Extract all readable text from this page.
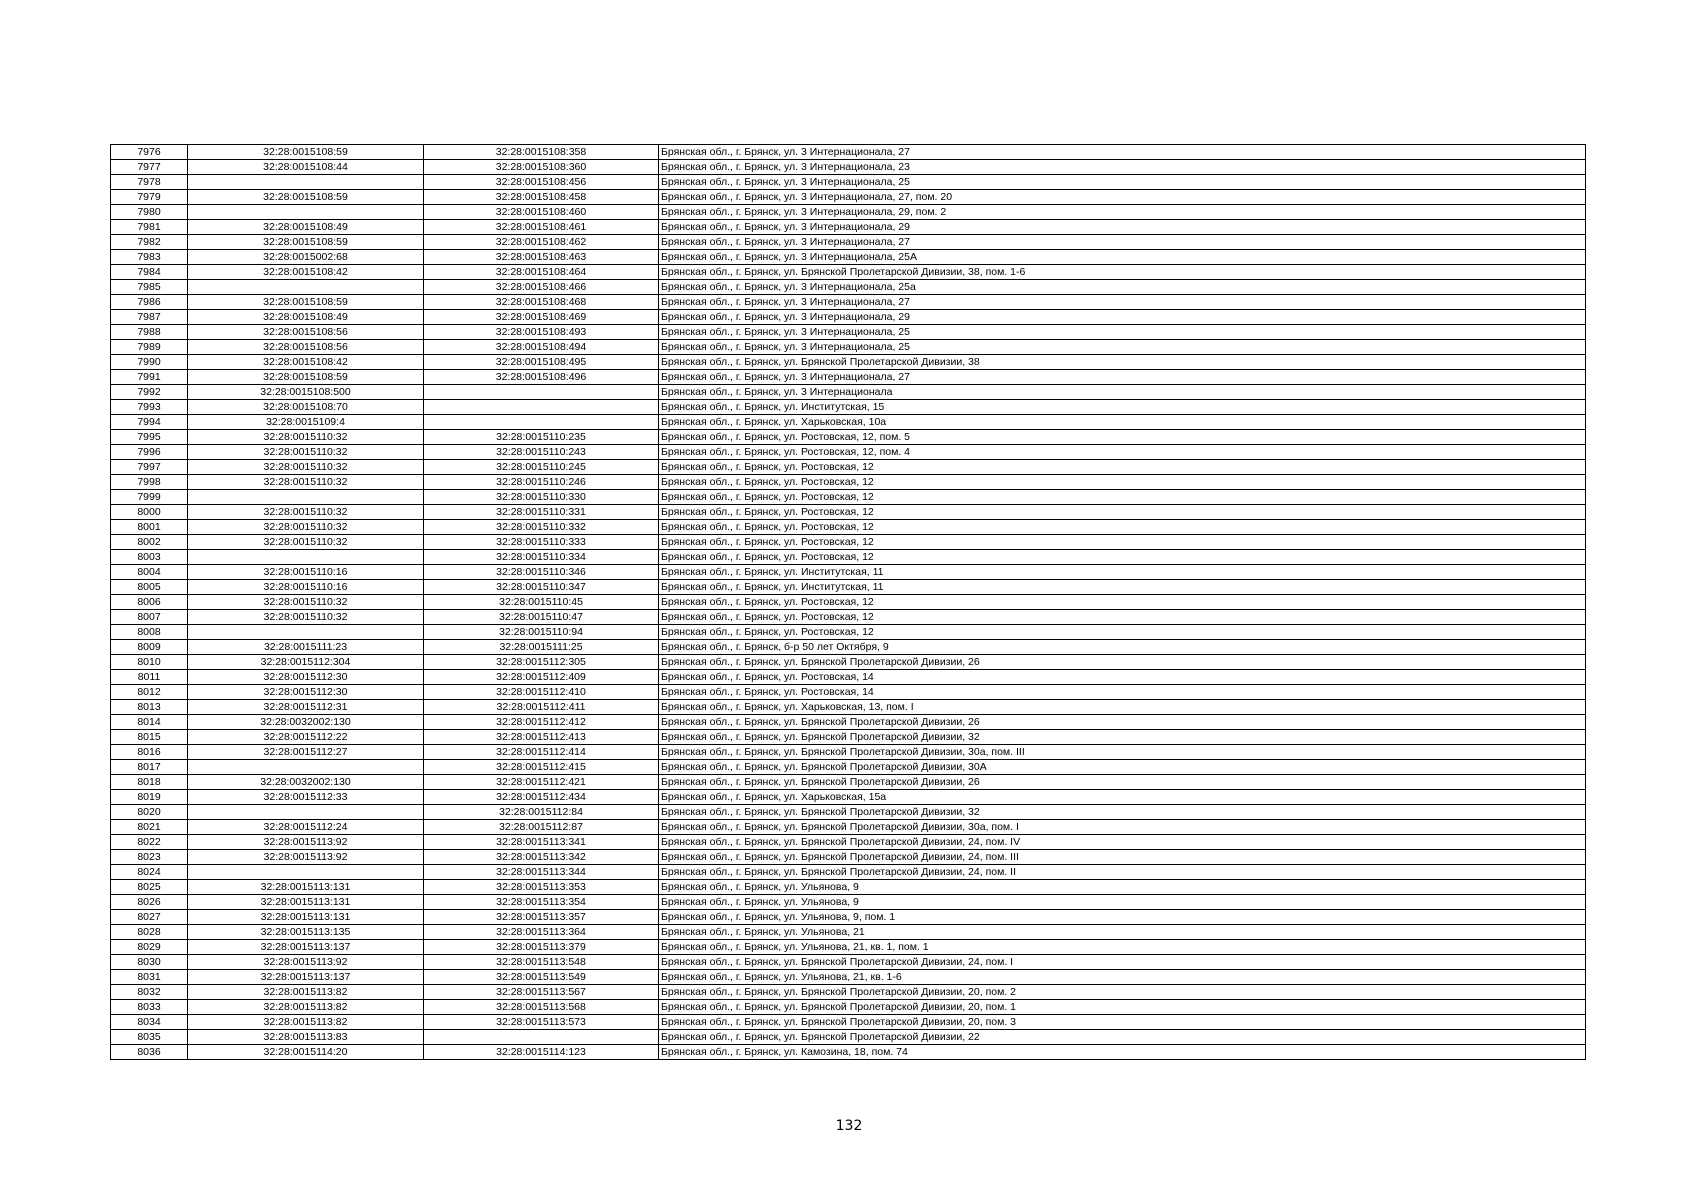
7976	32:28:0015108:59	32:28:0015108:358	Брянская обл., г. Брянск, ул. 3 Интернационала, 27
7977	32:28:0015108:44	32:28:0015108:360	Брянская обл., г. Брянск, ул. 3 Интернационала, 23
7978		32:28:0015108:456	Брянская обл., г. Брянск, ул. 3 Интернационала, 25
7979	32:28:0015108:59	32:28:0015108:458	Брянская обл., г. Брянск, ул. 3 Интернационала, 27, пом. 20
7980		32:28:0015108:460	Брянская обл., г. Брянск, ул. 3 Интернационала, 29, пом. 2
7981	32:28:0015108:49	32:28:0015108:461	Брянская обл., г. Брянск, ул. 3 Интернационала, 29
7982	32:28:0015108:59	32:28:0015108:462	Брянская обл., г. Брянск, ул. 3 Интернационала, 27
7983	32:28:0015002:68	32:28:0015108:463	Брянская обл., г. Брянск, ул. 3 Интернационала, 25А
7984	32:28:0015108:42	32:28:0015108:464	Брянская обл., г. Брянск, ул. Брянской Пролетарской Дивизии, 38, пом. 1-6
7985		32:28:0015108:466	Брянская обл., г. Брянск, ул. 3 Интернационала, 25а
7986	32:28:0015108:59	32:28:0015108:468	Брянская обл., г. Брянск, ул. 3 Интернационала, 27
7987	32:28:0015108:49	32:28:0015108:469	Брянская обл., г. Брянск, ул. 3 Интернационала, 29
7988	32:28:0015108:56	32:28:0015108:493	Брянская обл., г. Брянск, ул. 3 Интернационала, 25
7989	32:28:0015108:56	32:28:0015108:494	Брянская обл., г. Брянск, ул. 3 Интернационала, 25
7990	32:28:0015108:42	32:28:0015108:495	Брянская обл., г. Брянск, ул. Брянской Пролетарской Дивизии, 38
7991	32:28:0015108:59	32:28:0015108:496	Брянская обл., г. Брянск, ул. 3 Интернационала, 27
7992	32:28:0015108:500		Брянская обл., г. Брянск, ул. 3 Интернационала
7993	32:28:0015108:70		Брянская обл., г. Брянск, ул. Институтская, 15
7994	32:28:0015109:4		Брянская обл., г. Брянск, ул. Харьковская, 10а
7995	32:28:0015110:32	32:28:0015110:235	Брянская обл., г. Брянск, ул. Ростовская, 12, пом. 5
7996	32:28:0015110:32	32:28:0015110:243	Брянская обл., г. Брянск, ул. Ростовская, 12, пом. 4
7997	32:28:0015110:32	32:28:0015110:245	Брянская обл., г. Брянск, ул. Ростовская, 12
7998	32:28:0015110:32	32:28:0015110:246	Брянская обл., г. Брянск, ул. Ростовская, 12
7999		32:28:0015110:330	Брянская обл., г. Брянск, ул. Ростовская, 12
8000	32:28:0015110:32	32:28:0015110:331	Брянская обл., г. Брянск, ул. Ростовская, 12
8001	32:28:0015110:32	32:28:0015110:332	Брянская обл., г. Брянск, ул. Ростовская, 12
8002	32:28:0015110:32	32:28:0015110:333	Брянская обл., г. Брянск, ул. Ростовская, 12
8003		32:28:0015110:334	Брянская обл., г. Брянск, ул. Ростовская, 12
8004	32:28:0015110:16	32:28:0015110:346	Брянская обл., г. Брянск, ул. Институтская, 11
8005	32:28:0015110:16	32:28:0015110:347	Брянская обл., г. Брянск, ул. Институтская, 11
8006	32:28:0015110:32	32:28:0015110:45	Брянская обл., г. Брянск, ул. Ростовская, 12
8007	32:28:0015110:32	32:28:0015110:47	Брянская обл., г. Брянск, ул. Ростовская, 12
8008		32:28:0015110:94	Брянская обл., г. Брянск, ул. Ростовская, 12
8009	32:28:0015111:23	32:28:0015111:25	Брянская обл., г. Брянск, б-р 50 лет Октября, 9
8010	32:28:0015112:304	32:28:0015112:305	Брянская обл., г. Брянск, ул. Брянской Пролетарской Дивизии, 26
8011	32:28:0015112:30	32:28:0015112:409	Брянская обл., г. Брянск, ул. Ростовская, 14
8012	32:28:0015112:30	32:28:0015112:410	Брянская обл., г. Брянск, ул. Ростовская, 14
8013	32:28:0015112:31	32:28:0015112:411	Брянская обл., г. Брянск, ул. Харьковская, 13, пом. I
8014	32:28:0032002:130	32:28:0015112:412	Брянская обл., г. Брянск, ул. Брянской Пролетарской Дивизии, 26
8015	32:28:0015112:22	32:28:0015112:413	Брянская обл., г. Брянск, ул. Брянской Пролетарской Дивизии, 32
8016	32:28:0015112:27	32:28:0015112:414	Брянская обл., г. Брянск, ул. Брянской Пролетарской Дивизии, 30а, пом. III
8017		32:28:0015112:415	Брянская обл., г. Брянск, ул. Брянской Пролетарской Дивизии, 30А
8018	32:28:0032002:130	32:28:0015112:421	Брянская обл., г. Брянск, ул. Брянской Пролетарской Дивизии, 26
8019	32:28:0015112:33	32:28:0015112:434	Брянская обл., г. Брянск, ул. Харьковская, 15а
8020		32:28:0015112:84	Брянская обл., г. Брянск, ул. Брянской Пролетарской Дивизии, 32
8021	32:28:0015112:24	32:28:0015112:87	Брянская обл., г. Брянск, ул. Брянской Пролетарской Дивизии, 30а, пом. I
8022	32:28:0015113:92	32:28:0015113:341	Брянская обл., г. Брянск, ул. Брянской Пролетарской Дивизии, 24, пом. IV
8023	32:28:0015113:92	32:28:0015113:342	Брянская обл., г. Брянск, ул. Брянской Пролетарской Дивизии, 24, пом. III
8024		32:28:0015113:344	Брянская обл., г. Брянск, ул. Брянской Пролетарской Дивизии, 24, пом. II
8025	32:28:0015113:131	32:28:0015113:353	Брянская обл., г. Брянск, ул. Ульянова, 9
8026	32:28:0015113:131	32:28:0015113:354	Брянская обл., г. Брянск, ул. Ульянова, 9
8027	32:28:0015113:131	32:28:0015113:357	Брянская обл., г. Брянск, ул. Ульянова, 9, пом. 1
8028	32:28:0015113:135	32:28:0015113:364	Брянская обл., г. Брянск, ул. Ульянова, 21
8029	32:28:0015113:137	32:28:0015113:379	Брянская обл., г. Брянск, ул. Ульянова, 21, кв. 1, пом. 1
8030	32:28:0015113:92	32:28:0015113:548	Брянская обл., г. Брянск, ул. Брянской Пролетарской Дивизии, 24, пом. I
8031	32:28:0015113:137	32:28:0015113:549	Брянская обл., г. Брянск, ул. Ульянова, 21, кв. 1-6
8032	32:28:0015113:82	32:28:0015113:567	Брянская обл., г. Брянск, ул. Брянской Пролетарской Дивизии, 20, пом. 2
8033	32:28:0015113:82	32:28:0015113:568	Брянская обл., г. Брянск, ул. Брянской Пролетарской Дивизии, 20, пом. 1
8034	32:28:0015113:82	32:28:0015113:573	Брянская обл., г. Брянск, ул. Брянской Пролетарской Дивизии, 20, пом. 3
8035	32:28:0015113:83		Брянская обл., г. Брянск, ул. Брянской Пролетарской Дивизии, 22
8036	32:28:0015114:20	32:28:0015114:123	Брянская обл., г. Брянск, ул. Камозина, 18, пом. 74
132
